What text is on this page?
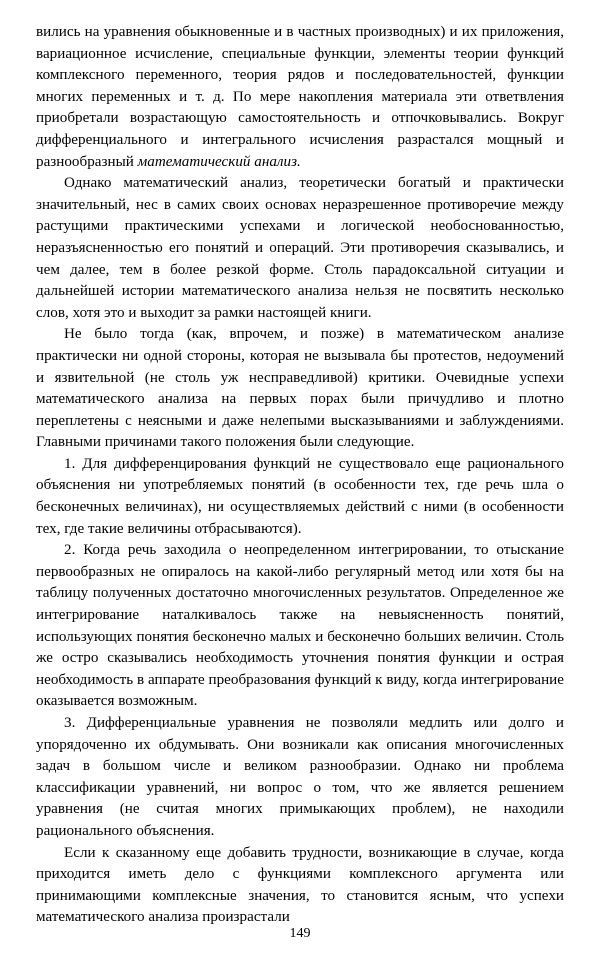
вились на уравнения обыкновенные и в частных производных) и их приложения, вариационное исчисление, специальные функции, элементы теории функций комплексного переменного, теория рядов и последовательностей, функции многих переменных и т. д. По мере накопления материала эти ответвления приобретали возрастающую самостоятельность и отпочковывались. Вокруг дифференциального и интегрального исчисления разрастался мощный и разнообразный математический анализ.

Однако математический анализ, теоретически богатый и практически значительный, нес в самих своих основах неразрешенное противоречие между растущими практическими успехами и логической необоснованностью, неразъясненностью его понятий и операций. Эти противоречия сказывались, и чем далее, тем в более резкой форме. Столь парадоксальной ситуации и дальнейшей истории математического анализа нельзя не посвятить несколько слов, хотя это и выходит за рамки настоящей книги.

Не было тогда (как, впрочем, и позже) в математическом анализе практически ни одной стороны, которая не вызывала бы протестов, недоумений и язвительной (не столь уж несправедливой) критики. Очевидные успехи математического анализа на первых порах были причудливо и плотно переплетены с неясными и даже нелепыми высказываниями и заблуждениями. Главными причинами такого положения были следующие.

1. Для дифференцирования функций не существовало еще рационального объяснения ни употребляемых понятий (в особенности тех, где речь шла о бесконечных величинах), ни осуществляемых действий с ними (в особенности тех, где такие величины отбрасываются).

2. Когда речь заходила о неопределенном интегрировании, то отыскание первообразных не опиралось на какой-либо регулярный метод или хотя бы на таблицу полученных достаточно многочисленных результатов. Определенное же интегрирование наталкивалось также на невыясненность понятий, использующих понятия бесконечно малых и бесконечно больших величин. Столь же остро сказывались необходимость уточнения понятия функции и острая необходимость в аппарате преобразования функций к виду, когда интегрирование оказывается возможным.

3. Дифференциальные уравнения не позволяли медлить или долго и упорядоченно их обдумывать. Они возникали как описания многочисленных задач в большом числе и великом разнообразии. Однако ни проблема классификации уравнений, ни вопрос о том, что же является решением уравнения (не считая многих примыкающих проблем), не находили рационального объяснения.

Если к сказанному еще добавить трудности, возникающие в случае, когда приходится иметь дело с функциями комплексного аргумента или принимающими комплексные значения, то становится ясным, что успехи математического анализа произрастали

149
